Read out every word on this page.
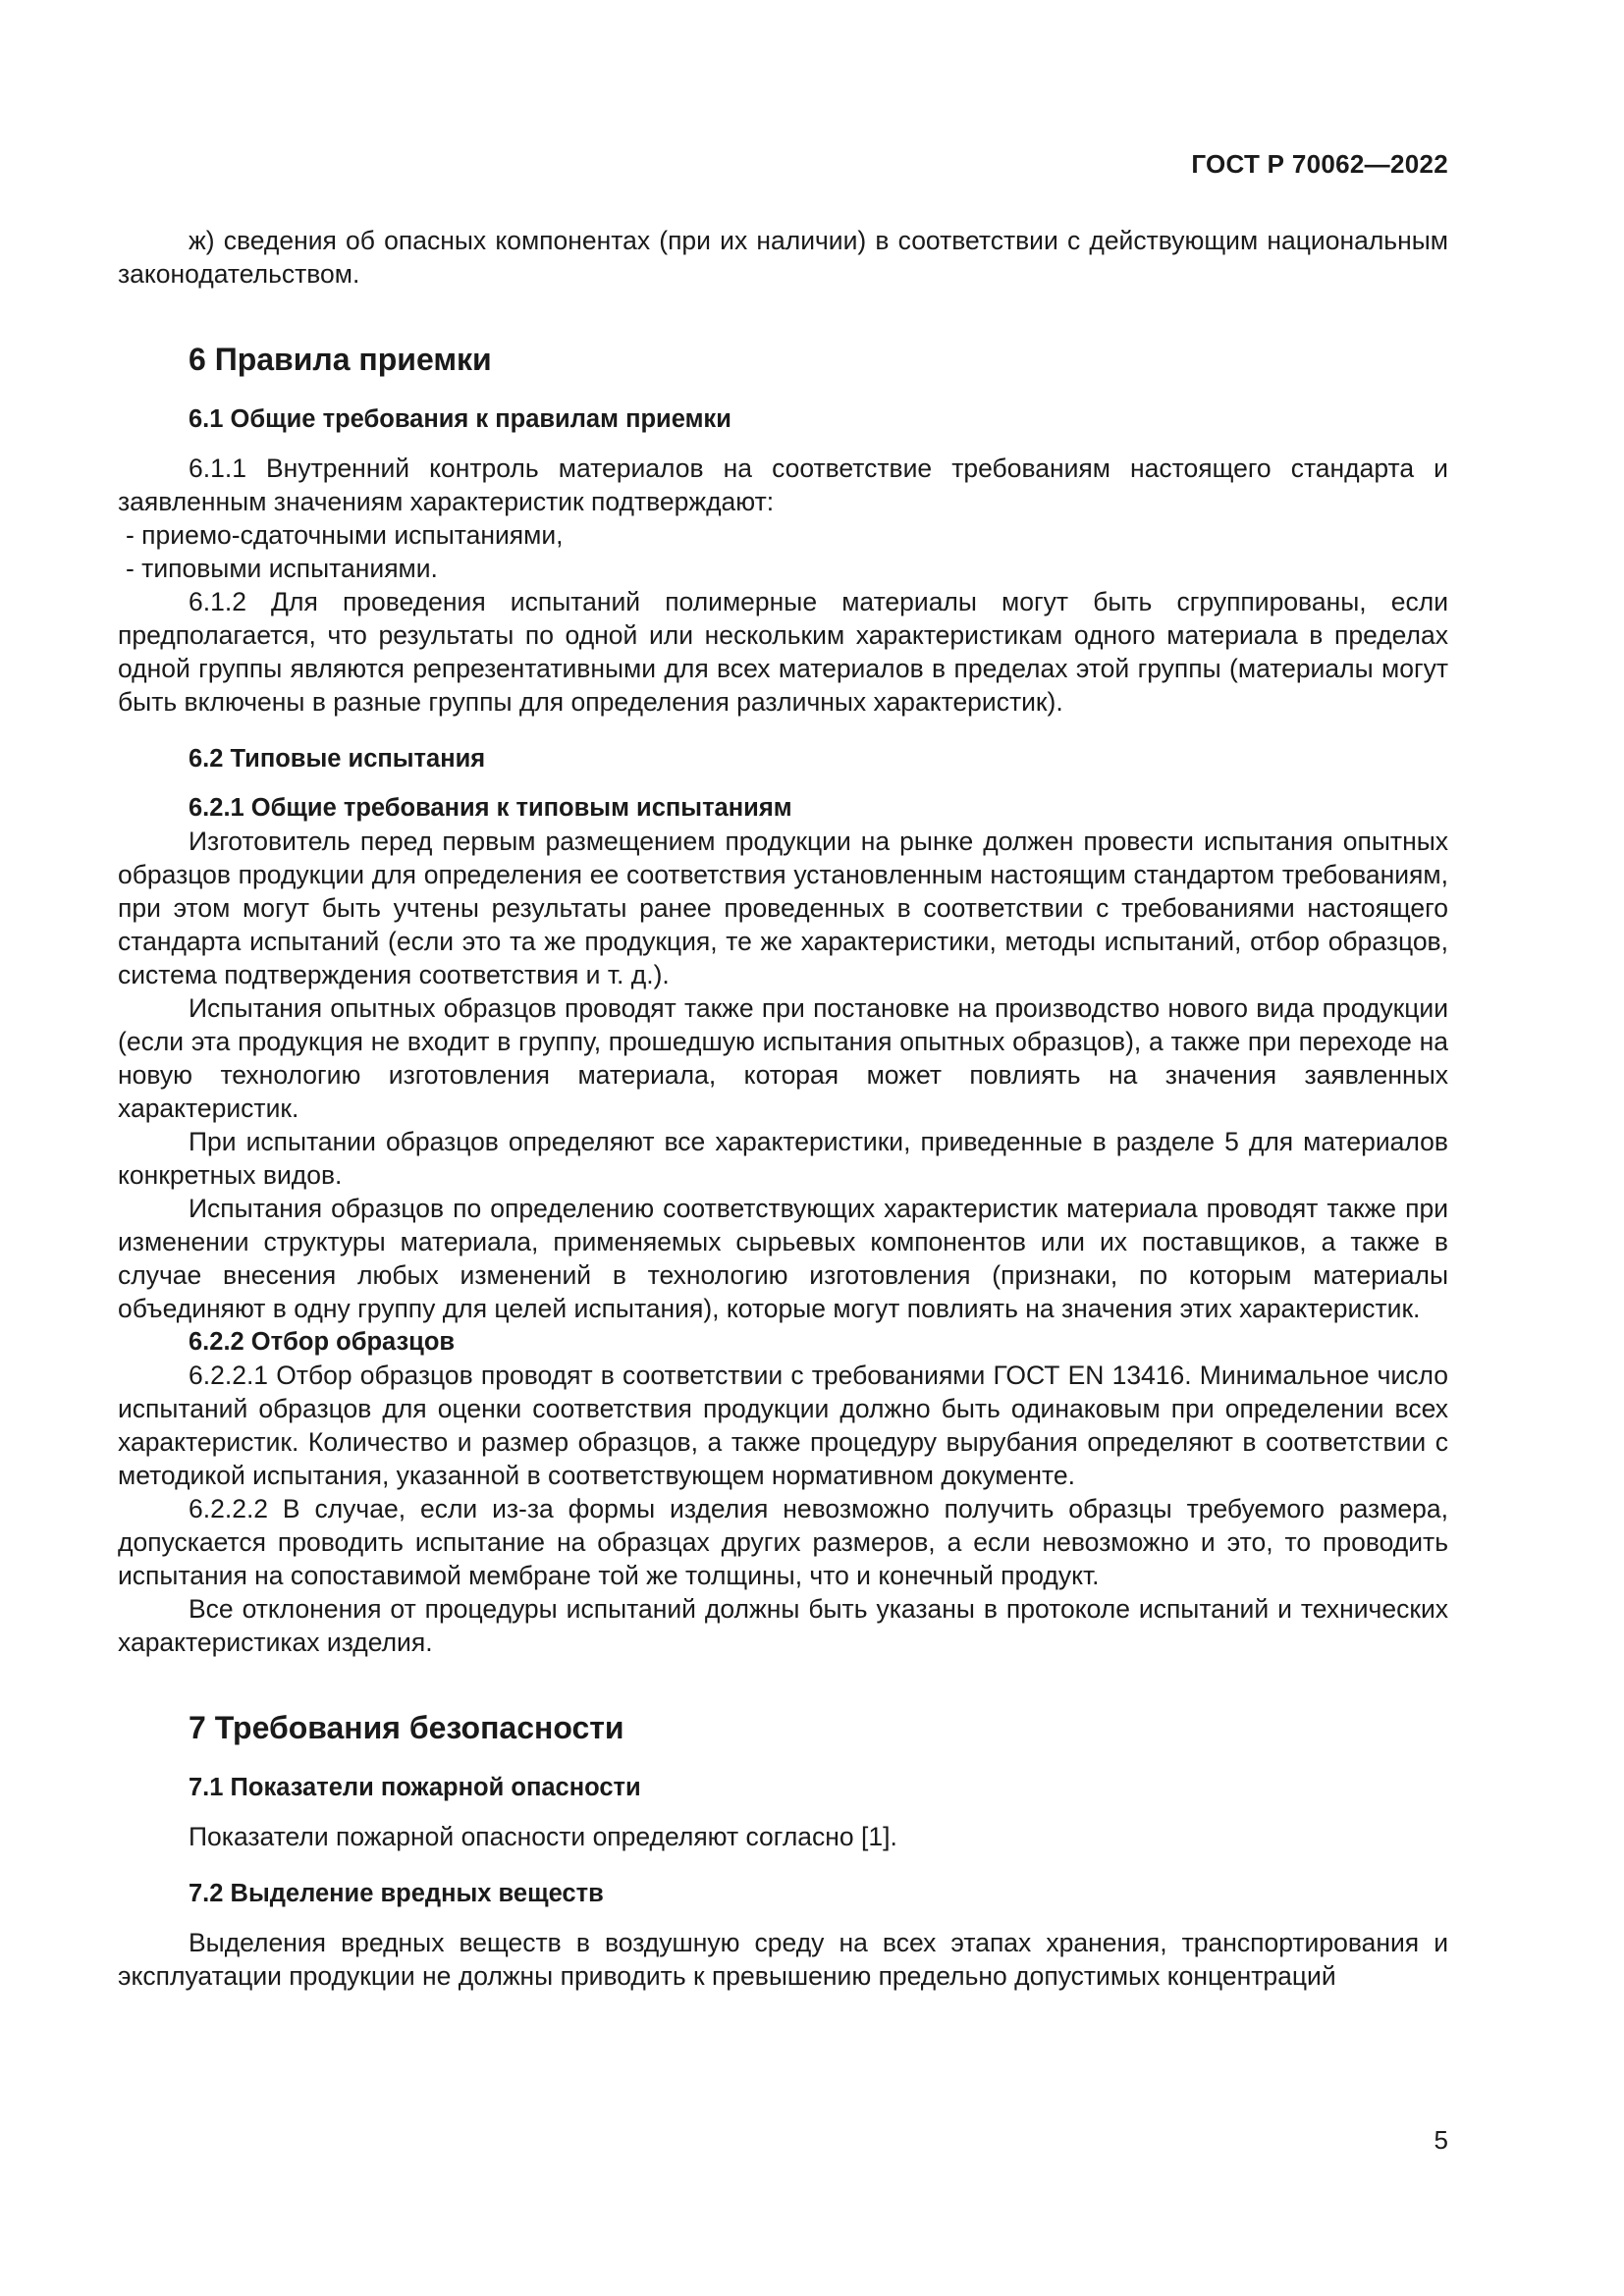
ГОСТ Р 70062—2022

ж) сведения об опасных компонентах (при их наличии) в соответствии с действующим национальным законодательством.

6 Правила приемки
6.1 Общие требования к правилам приемки

6.1.1 Внутренний контроль материалов на соответствие требованиям настоящего стандарта и заявленным значениям характеристик подтверждают:

- приемо-сдаточными испытаниями,

- типовыми испытаниями.

6.1.2 Для проведения испытаний полимерные материалы могут быть сгруппированы, если предполагается, что результаты по одной или нескольким характеристикам одного материала в пределах одной группы являются репрезентативными для всех материалов в пределах этой группы (материалы могут быть включены в разные группы для определения различных характеристик).

6.2 Типовые испытания
6.2.1 Общие требования к типовым испытаниям

Изготовитель перед первым размещением продукции на рынке должен провести испытания опытных образцов продукции для определения ее соответствия установленным настоящим стандартом требованиям, при этом могут быть учтены результаты ранее проведенных в соответствии с требованиями настоящего стандарта испытаний (если это та же продукция, те же характеристики, методы испытаний, отбор образцов, система подтверждения соответствия и т. д.).

Испытания опытных образцов проводят также при постановке на производство нового вида продукции (если эта продукция не входит в группу, прошедшую испытания опытных образцов), а также при переходе на новую технологию изготовления материала, которая может повлиять на значения заявленных характеристик.

При испытании образцов определяют все характеристики, приведенные в разделе 5 для материалов конкретных видов.

Испытания образцов по определению соответствующих характеристик материала проводят также при изменении структуры материала, применяемых сырьевых компонентов или их поставщиков, а также в случае внесения любых изменений в технологию изготовления (признаки, по которым материалы объединяют в одну группу для целей испытания), которые могут повлиять на значения этих характеристик.

6.2.2 Отбор образцов

6.2.2.1 Отбор образцов проводят в соответствии с требованиями ГОСТ EN 13416. Минимальное число испытаний образцов для оценки соответствия продукции должно быть одинаковым при определении всех характеристик. Количество и размер образцов, а также процедуру вырубания определяют в соответствии с методикой испытания, указанной в соответствующем нормативном документе.

6.2.2.2 В случае, если из-за формы изделия невозможно получить образцы требуемого размера, допускается проводить испытание на образцах других размеров, а если невозможно и это, то проводить испытания на сопоставимой мембране той же толщины, что и конечный продукт.

Все отклонения от процедуры испытаний должны быть указаны в протоколе испытаний и технических характеристиках изделия.

7 Требования безопасности
7.1 Показатели пожарной опасности

Показатели пожарной опасности определяют согласно [1].

7.2 Выделение вредных веществ

Выделения вредных веществ в воздушную среду на всех этапах хранения, транспортирования и эксплуатации продукции не должны приводить к превышению предельно допустимых концентраций

5
